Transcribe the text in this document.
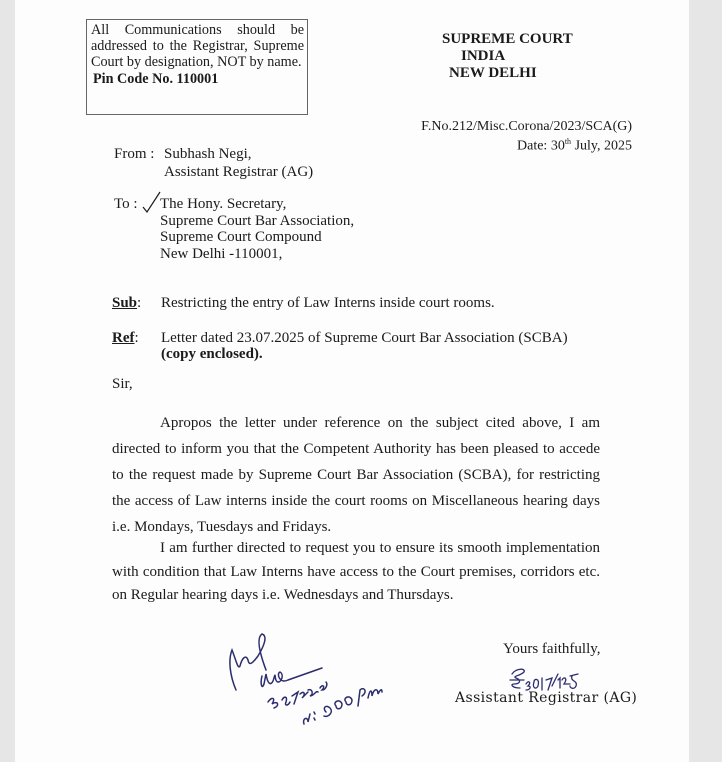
All Communications should be addressed to the Registrar, Supreme Court by designation, NOT by name.
Pin Code No. 110001
SUPREME COURT
INDIA
NEW DELHI
F.No.212/Misc.Corona/2023/SCA(G)
Date: 30th July, 2025
From : Subhash Negi,
Assistant Registrar (AG)
To : The Hony. Secretary,
Supreme Court Bar Association,
Supreme Court Compound
New Delhi -110001,
Sub: Restricting the entry of Law Interns inside court rooms.
Ref: Letter dated 23.07.2025 of Supreme Court Bar Association (SCBA) (copy enclosed).
Sir,
Apropos the letter under reference on the subject cited above, I am directed to inform you that the Competent Authority has been pleased to accede to the request made by Supreme Court Bar Association (SCBA), for restricting the access of Law interns inside the court rooms on Miscellaneous hearing days i.e. Mondays, Tuesdays and Fridays.
I am further directed to request you to ensure its smooth implementation with condition that Law Interns have access to the Court premises, corridors etc. on Regular hearing days i.e. Wednesdays and Thursdays.
Yours faithfully,
Assistant Registrar (AG)
